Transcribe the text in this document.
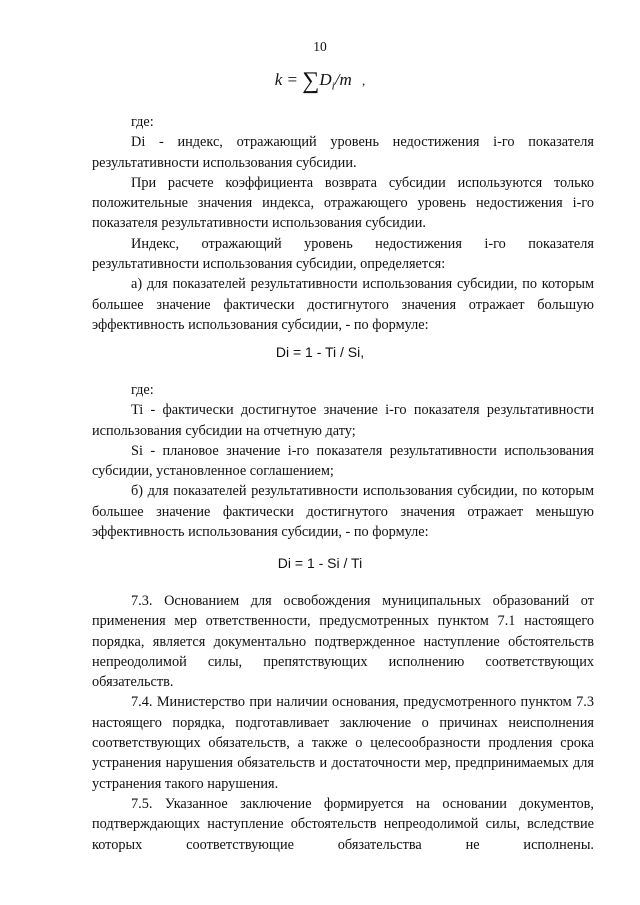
10
$k = \sum D_i/m$ ,

где:

Di - индекс, отражающий уровень недостижения i-го показателя результативности использования субсидии.

При расчете коэффициента возврата субсидии используются только положительные значения индекса, отражающего уровень недостижения i-го показателя результативности использования субсидии.

Индекс, отражающий уровень недостижения i-го показателя результативности использования субсидии, определяется:

а) для показателей результативности использования субсидии, по которым большее значение фактически достигнутого значения отражает большую эффективность использования субсидии, - по формуле:

Di = 1 - Ti / Si,

где:

Ti - фактически достигнутое значение i-го показателя результативности использования субсидии на отчетную дату;

Si - плановое значение i-го показателя результативности использования субсидии, установленное соглашением;

б) для показателей результативности использования субсидии, по которым большее значение фактически достигнутого значения отражает меньшую эффективность использования субсидии, - по формуле:

Di = 1 - Si / Ti

7.3. Основанием для освобождения муниципальных образований от применения мер ответственности, предусмотренных пунктом 7.1 настоящего порядка, является документально подтвержденное наступление обстоятельств непреодолимой силы, препятствующих исполнению соответствующих обязательств.

7.4. Министерство при наличии основания, предусмотренного пунктом 7.3 настоящего порядка, подготавливает заключение о причинах неисполнения соответствующих обязательств, а также о целесообразности продления срока устранения нарушения обязательств и достаточности мер, предпринимаемых для устранения такого нарушения.

7.5. Указанное заключение формируется на основании документов, подтверждающих наступление обстоятельств непреодолимой силы, вследствие которых соответствующие обязательства не исполнены.
